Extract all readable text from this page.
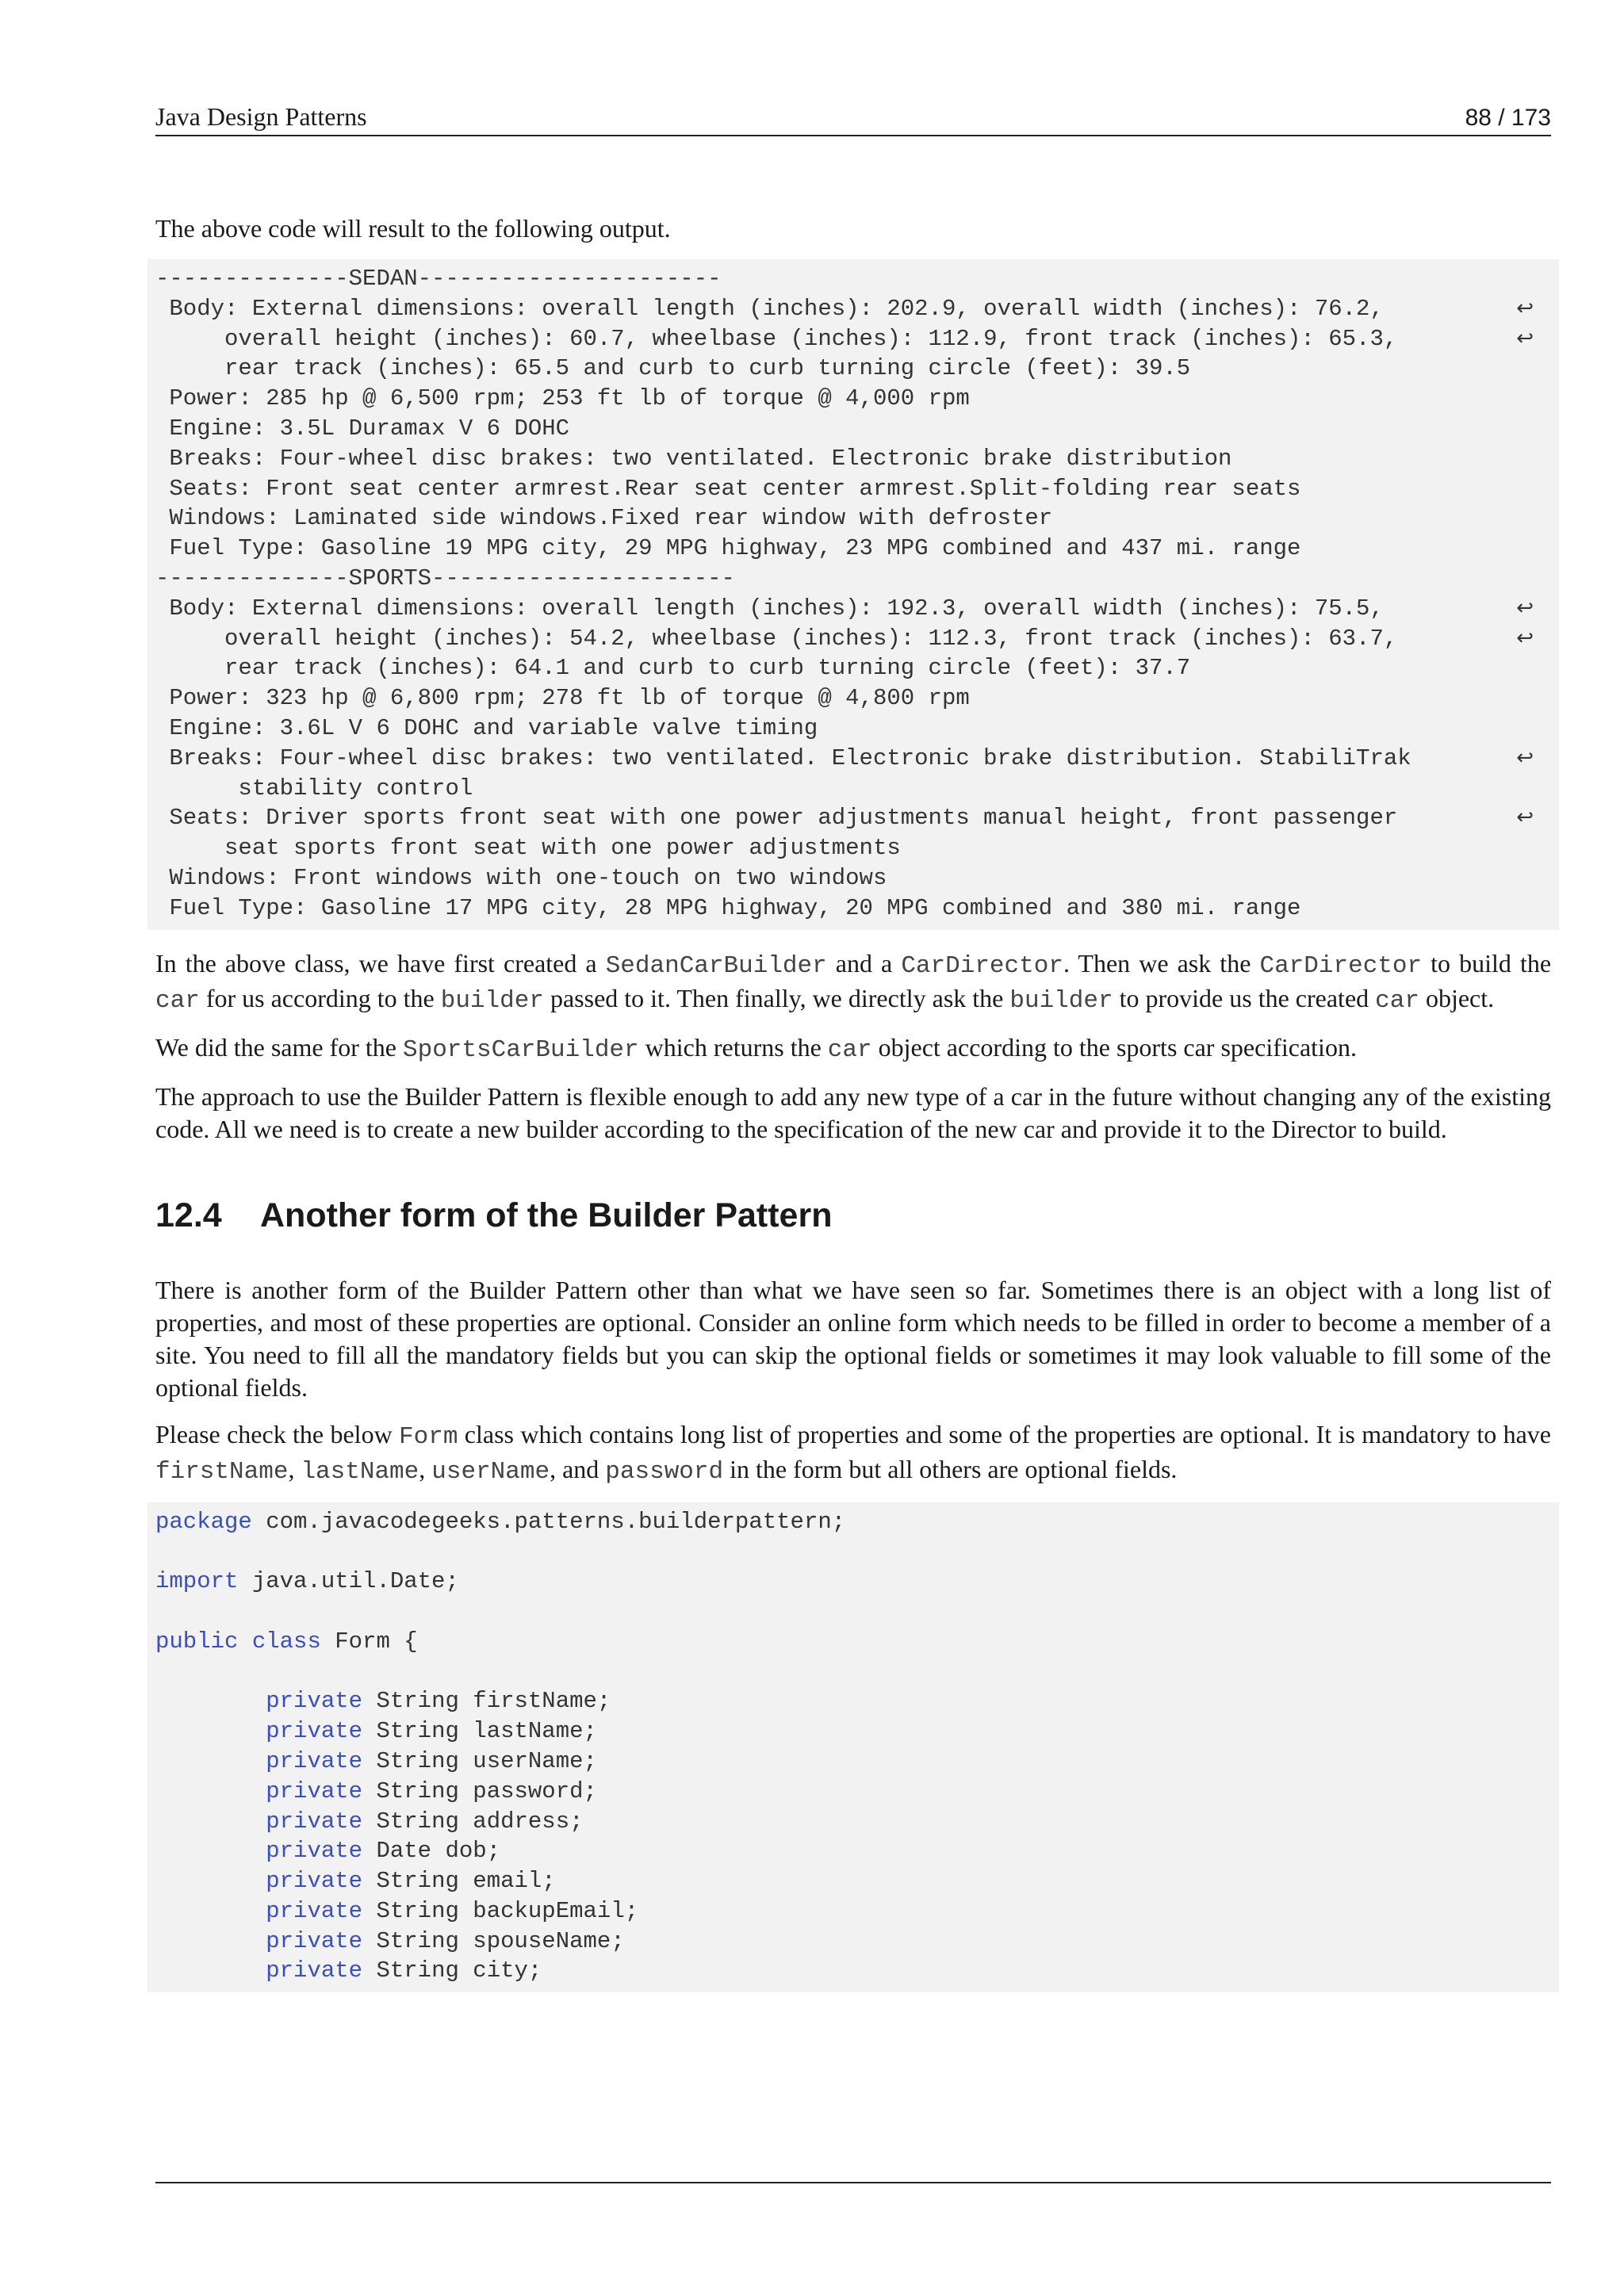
Java Design Patterns	88 / 173

The above code will result to the following output.

--------------SEDAN----------------------
Body: External dimensions: overall length (inches): 202.9, overall width (inches): 76.2,	↩
overall height (inches): 60.7, wheelbase (inches): 112.9, front track (inches): 65.3,	↩
rear track (inches): 65.5 and curb to curb turning circle (feet): 39.5
Power: 285 hp @ 6,500 rpm; 253 ft lb of torque @ 4,000 rpm
Engine: 3.5L Duramax V 6 DOHC
Breaks: Four-wheel disc brakes: two ventilated. Electronic brake distribution
Seats: Front seat center armrest.Rear seat center armrest.Split-folding rear seats
Windows: Laminated side windows.Fixed rear window with defroster
Fuel Type: Gasoline 19 MPG city, 29 MPG highway, 23 MPG combined and 437 mi. range
--------------SPORTS----------------------
Body: External dimensions: overall length (inches): 192.3, overall width (inches): 75.5,	↩
overall height (inches): 54.2, wheelbase (inches): 112.3, front track (inches): 63.7,	↩
rear track (inches): 64.1 and curb to curb turning circle (feet): 37.7
Power: 323 hp @ 6,800 rpm; 278 ft lb of torque @ 4,800 rpm
Engine: 3.6L V 6 DOHC and variable valve timing
Breaks: Four-wheel disc brakes: two ventilated. Electronic brake distribution. StabiliTrak	↩
stability control
Seats: Driver sports front seat with one power adjustments manual height, front passenger	↩
seat sports front seat with one power adjustments
Windows: Front windows with one-touch on two windows
Fuel Type: Gasoline 17 MPG city, 28 MPG highway, 20 MPG combined and 380 mi. range

In the above class, we have first created a SedanCarBuilder and a CarDirector. Then we ask the CarDirector to build the car for us according to the builder passed to it. Then finally, we directly ask the builder to provide us the created car object.

We did the same for the SportsCarBuilder which returns the car object according to the sports car specification.

The approach to use the Builder Pattern is flexible enough to add any new type of a car in the future without changing any of the existing code. All we need is to create a new builder according to the specification of the new car and provide it to the Director to build.

12.4 Another form of the Builder Pattern

There is another form of the Builder Pattern other than what we have seen so far. Sometimes there is an object with a long list of properties, and most of these properties are optional. Consider an online form which needs to be filled in order to become a member of a site. You need to fill all the mandatory fields but you can skip the optional fields or sometimes it may look valuable to fill some of the optional fields.

Please check the below Form class which contains long list of properties and some of the properties are optional. It is mandatory to have firstName, lastName, userName, and password in the form but all others are optional fields.

package com.javacodegeeks.patterns.builderpattern;

import java.util.Date;

public class Form {

private String firstName;
private String lastName;
private String userName;
private String password;
private String address;
private Date dob;
private String email;
private String backupEmail;
private String spouseName;
private String city;
